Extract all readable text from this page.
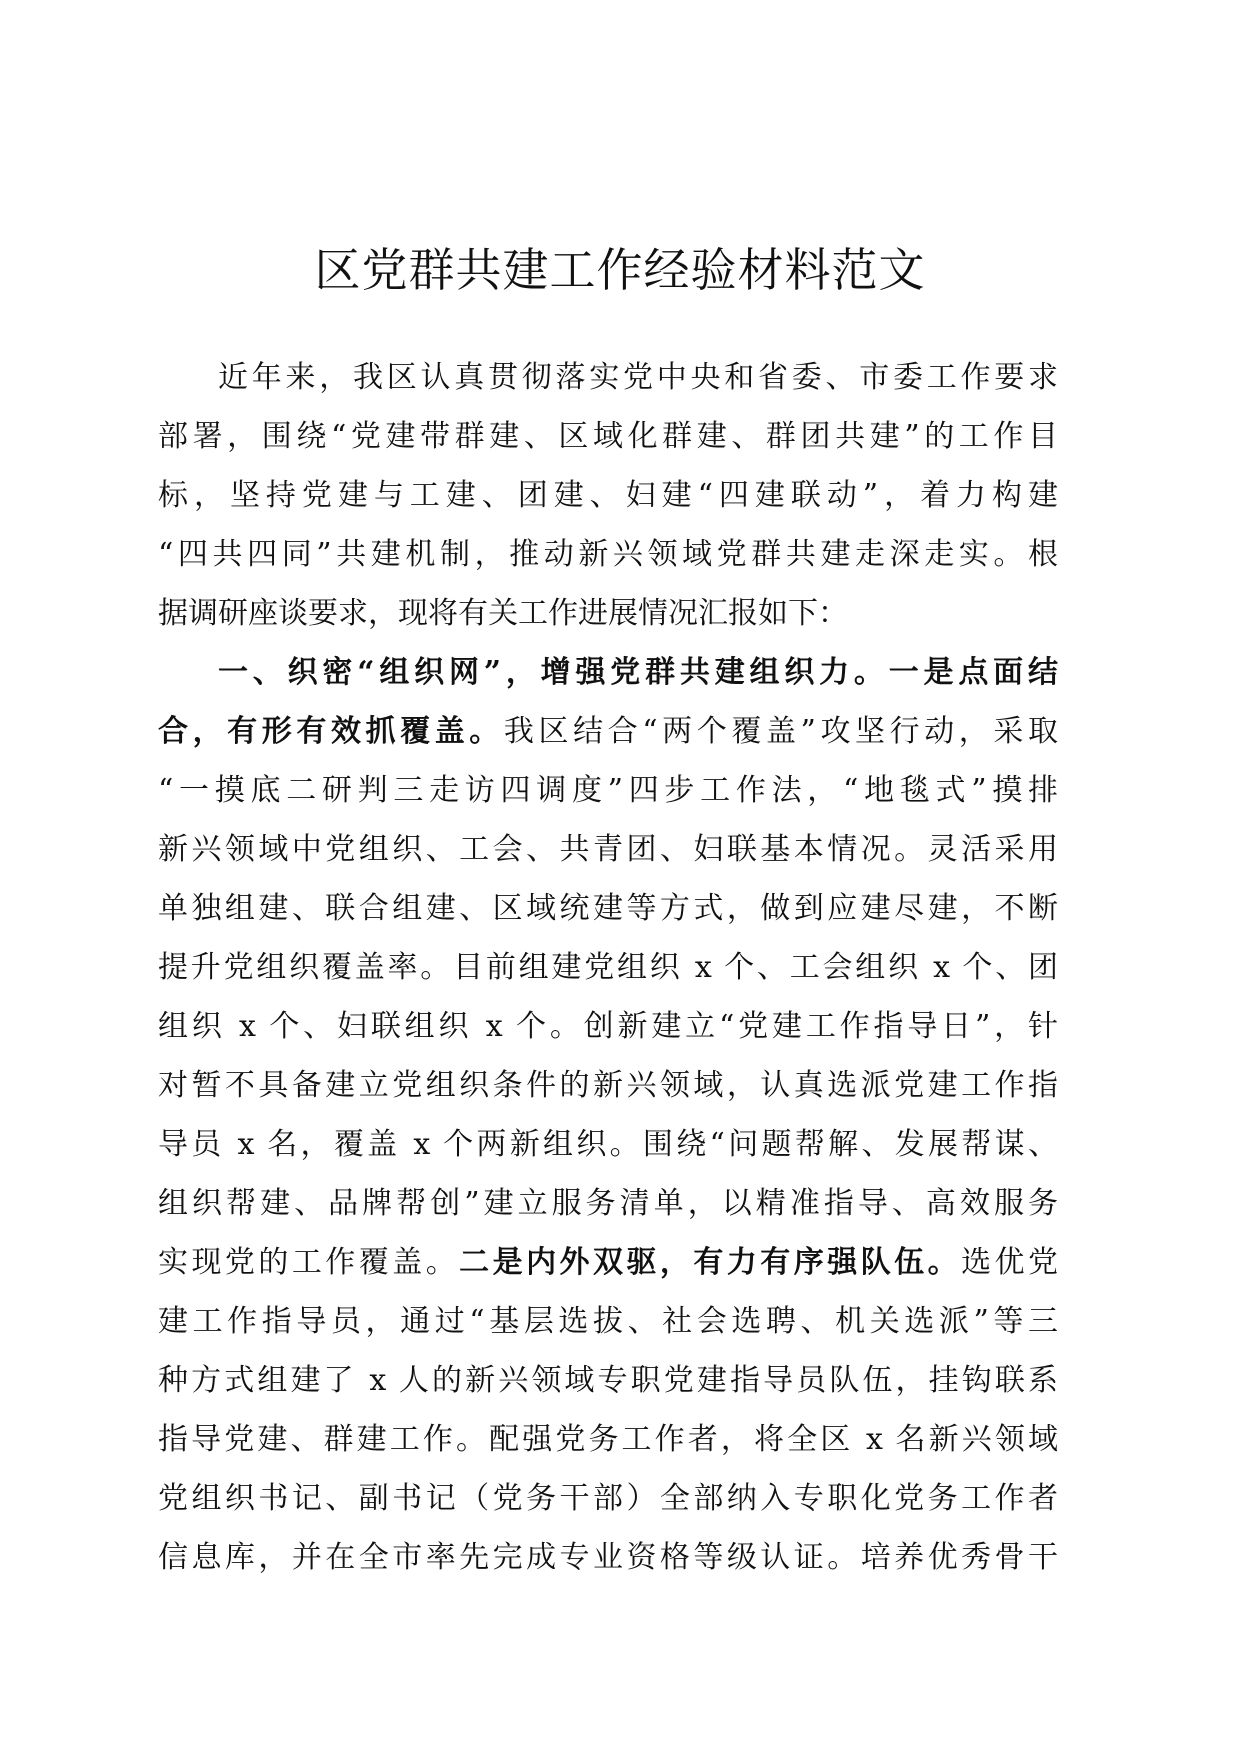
区党群共建工作经验材料范文
近年来，我区认真贯彻落实党中央和省委、市委工作要求
部署，围绕“党建带群建、区域化群建、群团共建”的工作目
标，坚持党建与工建、团建、妇建“四建联动”，着力构建
“四共四同”共建机制，推动新兴领域党群共建走深走实。根
据调研座谈要求，现将有关工作进展情况汇报如下：
一、织密“组织网”，增强党群共建组织力。一是点面结
合，有形有效抓覆盖。我区结合“两个覆盖”攻坚行动，采取
“一摸底二研判三走访四调度”四步工作法，“地毯式”摸排
新兴领域中党组织、工会、共青团、妇联基本情况。灵活采用
单独组建、联合组建、区域统建等方式，做到应建尽建，不断
提升党组织覆盖率。目前组建党组织 x 个、工会组织 x 个、团
组织 x 个、妇联组织 x 个。创新建立“党建工作指导日”，针
对暂不具备建立党组织条件的新兴领域，认真选派党建工作指
导员 x 名，覆盖 x 个两新组织。围绕“问题帮解、发展帮谋、
组织帮建、品牌帮创”建立服务清单，以精准指导、高效服务
实现党的工作覆盖。二是内外双驱，有力有序强队伍。选优党
建工作指导员，通过“基层选拔、社会选聘、机关选派”等三
种方式组建了 x 人的新兴领域专职党建指导员队伍，挂钩联系
指导党建、群建工作。配强党务工作者，将全区 x 名新兴领域
党组织书记、副书记（党务干部）全部纳入专职化党务工作者
信息库，并在全市率先完成专业资格等级认证。培养优秀骨干
